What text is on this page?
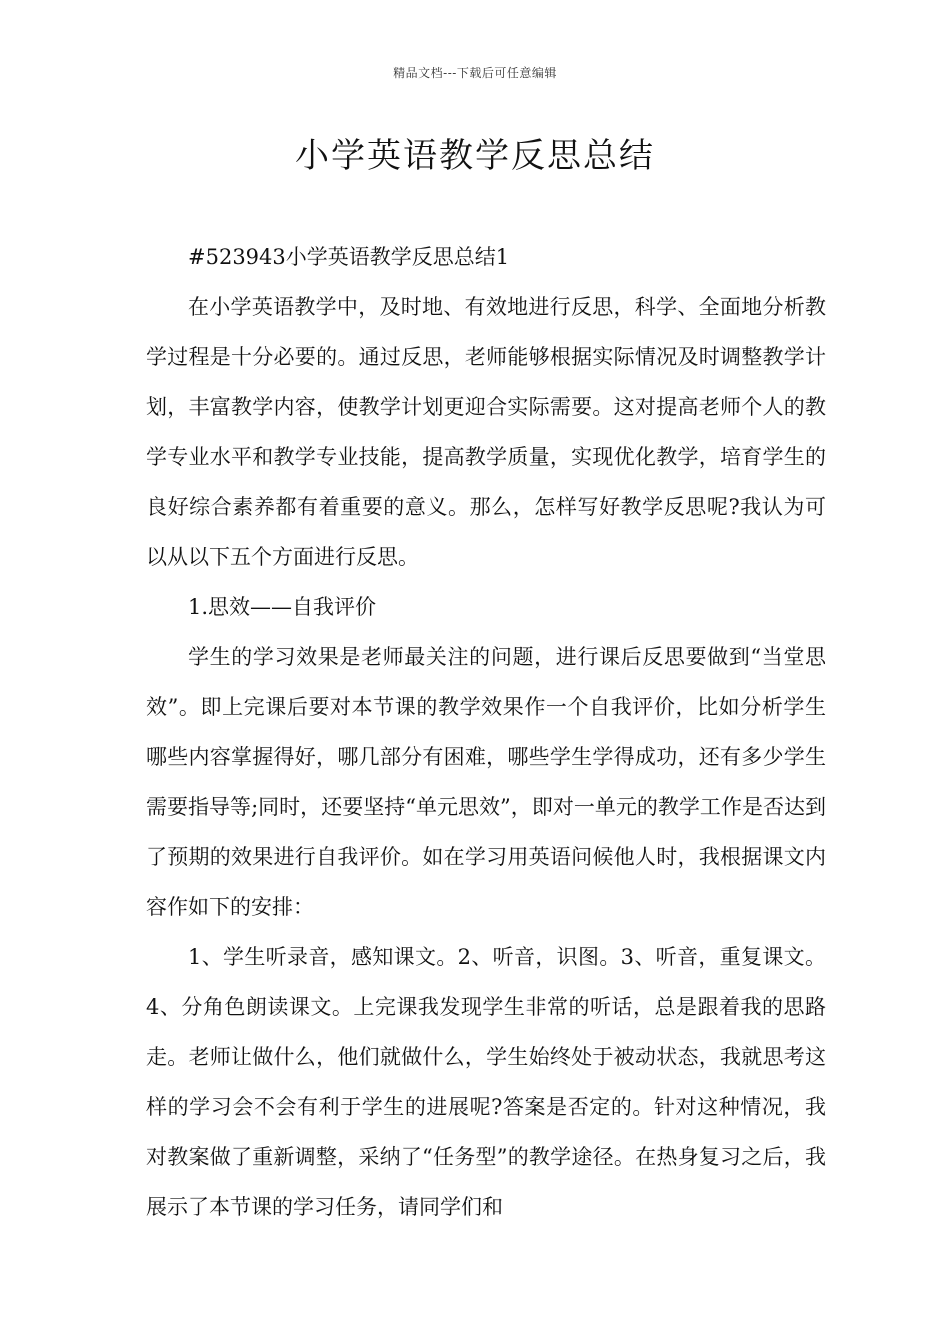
精品文档---下载后可任意编辑
小学英语教学反思总结

#523943小学英语教学反思总结1

在小学英语教学中，及时地、有效地进行反思，科学、全面地分析教学过程是十分必要的。通过反思，老师能够根据实际情况及时调整教学计划，丰富教学内容，使教学计划更迎合实际需要。这对提高老师个人的教学专业水平和教学专业技能，提高教学质量，实现优化教学，培育学生的良好综合素养都有着重要的意义。那么，怎样写好教学反思呢?我认为可以从以下五个方面进行反思。

1.思效——自我评价

学生的学习效果是老师最关注的问题，进行课后反思要做到“当堂思效”。即上完课后要对本节课的教学效果作一个自我评价，比如分析学生哪些内容掌握得好，哪几部分有困难，哪些学生学得成功，还有多少学生需要指导等;同时，还要坚持“单元思效”，即对一单元的教学工作是否达到了预期的效果进行自我评价。如在学习用英语问候他人时，我根据课文内容作如下的安排：

1、学生听录音，感知课文。2、听音，识图。3、听音，重复课文。4、分角色朗读课文。上完课我发现学生非常的听话，总是跟着我的思路走。老师让做什么，他们就做什么，学生始终处于被动状态，我就思考这样的学习会不会有利于学生的进展呢?答案是否定的。针对这种情况，我对教案做了重新调整，采纳了“任务型”的教学途径。在热身复习之后，我展示了本节课的学习任务，请同学们和
